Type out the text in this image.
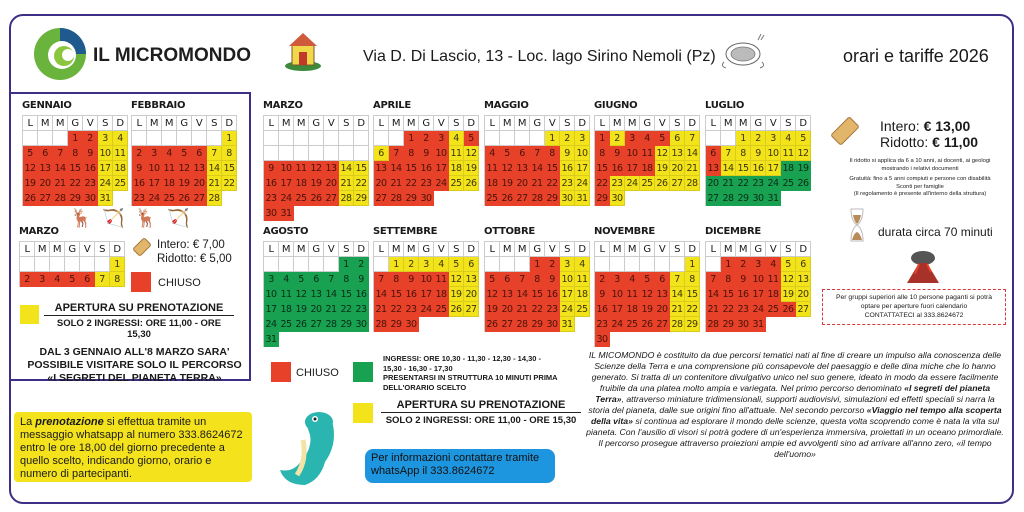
IL MICROMONDO	Via D. Di Lascio, 13 - Loc. lago Sirino Nemoli (Pz)	orari e tariffe 2026
GENNAIO
L M M G V S D
1 2 3 4
5 6 7 8 9 10 11
12 13 14 15 16 17 18
19 20 21 22 23 24 25
26 27 28 29 30 31
FEBBRAIO
L M M G V S D
1
2 3 4 5 6 7 8
9 10 11 12 13 14 15
16 17 18 19 20 21 22
23 24 25 26 27 28
MARZO
L M M G V S D
1
2 3 4 5 6 7 8
🦌🏹🦌🏹
Intero: € 7,00
Ridotto: € 5,00
CHIUSO
APERTURA SU PRENOTAZIONE
SOLO 2 INGRESSI: ORE 11,00 - ORE 15,30
DAL 3 GENNAIO ALL'8 MARZO SARA'
POSSIBILE VISITARE SOLO IL PERCORSO
«I SEGRETI DEL PIANETA TERRA»
La prenotazione si effettua tramite un messaggio whatsapp al numero 333.8624672 entro le ore 18,00 del giorno precedente a quello scelto, indicando giorno, orario e numero di partecipanti.
MARZO
L M M G V S D
9 10 11 12 13 14 15
16 17 18 19 20 21 22
23 24 25 26 27 28 29
30 31
APRILE
L M M G V S D
1 2 3 4 5
6 7 8 9 10 11 12
13 14 15 16 17 18 19
20 21 22 23 24 25 26
27 28 29 30
MAGGIO
L M M G V S D
1 2 3
4 5 6 7 8 9 10
11 12 13 14 15 16 17
18 19 20 21 22 23 24
25 26 27 28 29 30 31
GIUGNO
L M M G V S D
1 2 3 4 5 6 7
8 9 10 11 12 13 14
15 16 17 18 19 20 21
22 23 24 25 26 27 28
29 30
LUGLIO
L M M G V S D
1 2 3 4 5
6 7 8 9 10 11 12
13 14 15 16 17 18 19
20 21 22 23 24 25 26
27 28 29 30 31
AGOSTO
L M M G V S D
1 2
3 4 5 6 7 8 9
10 11 12 13 14 15 16
17 18 19 20 21 22 23
24 25 26 27 28 29 30
31
SETTEMBRE
L M M G V S D
1 2 3 4 5 6
7 8 9 10 11 12 13
14 15 16 17 18 19 20
21 22 23 24 25 26 27
28 29 30
OTTOBRE
L M M G V S D
1 2 3 4
5 6 7 8 9 10 11
12 13 14 15 16 17 18
19 20 21 22 23 24 25
26 27 28 29 30 31
NOVEMBRE
L M M G V S D
1
2 3 4 5 6 7 8
9 10 11 12 13 14 15
16 17 18 19 20 21 22
23 24 25 26 27 28 29
30
DICEMBRE
L M M G V S D
1 2 3 4 5 6
7 8 9 10 11 12 13
14 15 16 17 18 19 20
21 22 23 24 25 26 27
28 29 30 31
CHIUSO
INGRESSI: ORE 10,30 - 11,30 - 12,30 - 14,30 -
15,30 - 16,30 - 17,30
PRESENTARSI IN STRUTTURA 10 MINUTI PRIMA
DELL'ORARIO SCELTO
APERTURA SU PRENOTAZIONE
SOLO 2 INGRESSI: ORE 11,00 - ORE 15,30
Per informazioni contattare tramite whatsApp il 333.8624672
IL MICOMONDO è costituito da due percorsi tematici nati al fine di creare un impulso alla conoscenza delle Scienze della Terra e una comprensione più consapevole del paesaggio e delle dina miche che lo hanno generato. Si tratta di un contenitore divulgativo unico nel suo genere, ideato in modo da essere facilmente fruibile da una platea molto ampia e variegata. Nel primo percorso denominato «I segreti del pianeta Terra», attraverso miniature tridimensionali, supporti audiovisivi, simulazioni ed effetti speciali si narra la storia del pianeta, dalle sue origini fino all'attuale. Nel secondo percorso «Viaggio nel tempo alla scoperta della vita» si continua ad esplorare il mondo delle scienze, questa volta scoprendo come è nata la vita sul pianeta. Con l'ausilio di visori si potrà godere di un'esperienza immersiva, proiettati in un oceano primordiale. Il percorso prosegue attraverso proiezioni ampie ed avvolgenti sino ad arrivare all'anno zero, «il tempo dell'uomo»
Intero: € 13,00
Ridotto: € 11,00
Il ridotto si applica da 6 a 10 anni, ai docenti, ai geologi
mostrando i relativi documenti
Gratuità: fino a 5 anni compiuti e persone con disabilità
Sconti per famiglie
(Il regolamento è presente all'interno della struttura)
durata circa 70 minuti
Per gruppi superiori alle 10 persone paganti si potrà
optare per aperture fuori calendario
CONTATTATECI al 333.8624672
